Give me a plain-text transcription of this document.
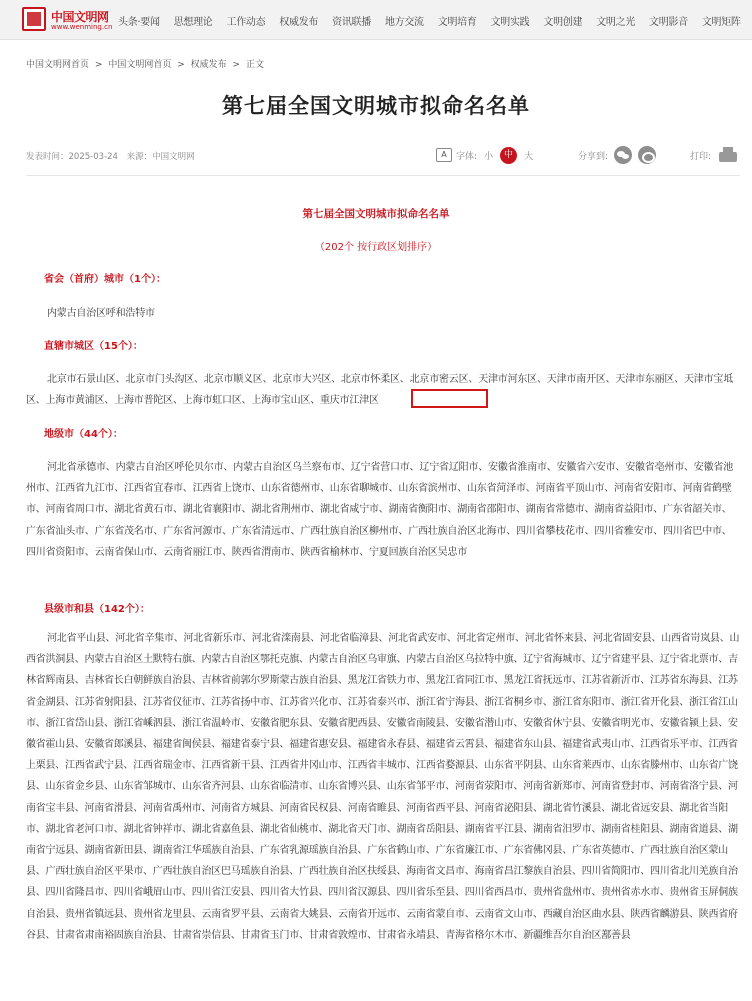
中国文明网
www.wenming.cn 头条·要闻 思想理论 工作动态 权威发布 资讯联播 地方交流 文明培育 文明实践 文明创建 文明之光 文明影音 文明矩阵
中国文明网首页 > 中国文明网首页 > 权威发布 > 正文
第七届全国文明城市拟命名名单
发表时间：2025-03-24 来源：中国文明网	A	字体: 小	中	大	分享到:	打印:
第七届全国文明城市拟命名名单
（202个 按行政区划排序）
省会（首府）城市（1个）：
内蒙古自治区呼和浩特市
直辖市城区（15个）：
北京市石景山区、北京市门头沟区、北京市顺义区、北京市大兴区、北京市怀柔区、北京市密云区、天津市河东区、天津市南开区、天津市东丽区、天津市宝坻区、上海市黄浦区、上海市普陀区、上海市虹口区、上海市宝山区、重庆市江津区
地级市（44个）：
河北省承德市、内蒙古自治区呼伦贝尔市、内蒙古自治区乌兰察布市、辽宁省营口市、辽宁省辽阳市、安徽省淮南市、安徽省六安市、安徽省亳州市、安徽省池州市、江西省九江市、江西省宜春市、江西省上饶市、山东省德州市、山东省聊城市、山东省滨州市、山东省菏泽市、河南省平顶山市、河南省安阳市、河南省鹤壁市、河南省周口市、湖北省黄石市、湖北省襄阳市、湖北省荆州市、湖北省咸宁市、湖南省衡阳市、湖南省邵阳市、湖南省常德市、湖南省益阳市、广东省韶关市、广东省汕头市、广东省茂名市、广东省河源市、广东省清远市、广西壮族自治区柳州市、广西壮族自治区北海市、四川省攀枝花市、四川省雅安市、四川省巴中市、四川省资阳市、云南省保山市、云南省丽江市、陕西省渭南市、陕西省榆林市、宁夏回族自治区吴忠市
县级市和县（142个）：
河北省平山县、河北省辛集市、河北省新乐市、河北省滦南县、河北省临漳县、河北省武安市、河北省定州市、河北省怀来县、河北省固安县、山西省岢岚县、山西省洪洞县、内蒙古自治区土默特右旗、内蒙古自治区鄂托克旗、内蒙古自治区乌审旗、内蒙古自治区乌拉特中旗、辽宁省海城市、辽宁省建平县、辽宁省北票市、吉林省辉南县、吉林省长白朝鲜族自治县、吉林省前郭尔罗斯蒙古族自治县、黑龙江省铁力市、黑龙江省同江市、黑龙江省抚远市、江苏省新沂市、江苏省东海县、江苏省金湖县、江苏省射阳县、江苏省仪征市、江苏省扬中市、江苏省兴化市、江苏省泰兴市、浙江省宁海县、浙江省桐乡市、浙江省东阳市、浙江省开化县、浙江省江山市、浙江省岱山县、浙江省嵊泗县、浙江省温岭市、安徽省肥东县、安徽省肥西县、安徽省南陵县、安徽省潜山市、安徽省休宁县、安徽省明光市、安徽省颍上县、安徽省霍山县、安徽省郎溪县、福建省闽侯县、福建省泰宁县、福建省惠安县、福建省永春县、福建省云霄县、福建省东山县、福建省武夷山市、江西省乐平市、江西省上栗县、江西省武宁县、江西省瑞金市、江西省新干县、江西省井冈山市、江西省丰城市、江西省婺源县、山东省平阴县、山东省莱西市、山东省滕州市、山东省广饶县、山东省金乡县、山东省邹城市、山东省齐河县、山东省临清市、山东省博兴县、山东省邹平市、河南省荥阳市、河南省新郑市、河南省登封市、河南省洛宁县、河南省宝丰县、河南省滑县、河南省禹州市、河南省方城县、河南省民权县、河南省睢县、河南省西平县、河南省泌阳县、湖北省竹溪县、湖北省远安县、湖北省当阳市、湖北省老河口市、湖北省钟祥市、湖北省嘉鱼县、湖北省仙桃市、湖北省天门市、湖南省岳阳县、湖南省平江县、湖南省汨罗市、湖南省桂阳县、湖南省道县、湖南省宁远县、湖南省新田县、湖南省江华瑶族自治县、广东省乳源瑶族自治县、广东省鹤山市、广东省廉江市、广东省佛冈县、广东省英德市、广西壮族自治区蒙山县、广西壮族自治区平果市、广西壮族自治区巴马瑶族自治县、广西壮族自治区扶绥县、海南省文昌市、海南省昌江黎族自治县、四川省简阳市、四川省北川羌族自治县、四川省隆昌市、四川省峨眉山市、四川省江安县、四川省大竹县、四川省汉源县、四川省乐至县、四川省西昌市、贵州省盘州市、贵州省赤水市、贵州省玉屏侗族自治县、贵州省镇远县、贵州省龙里县、云南省罗平县、云南省大姚县、云南省开远市、云南省蒙自市、云南省文山市、西藏自治区曲水县、陕西省麟游县、陕西省府谷县、甘肃省肃南裕固族自治县、甘肃省崇信县、甘肃省玉门市、甘肃省敦煌市、甘肃省永靖县、青海省格尔木市、新疆维吾尔自治区鄯善县
